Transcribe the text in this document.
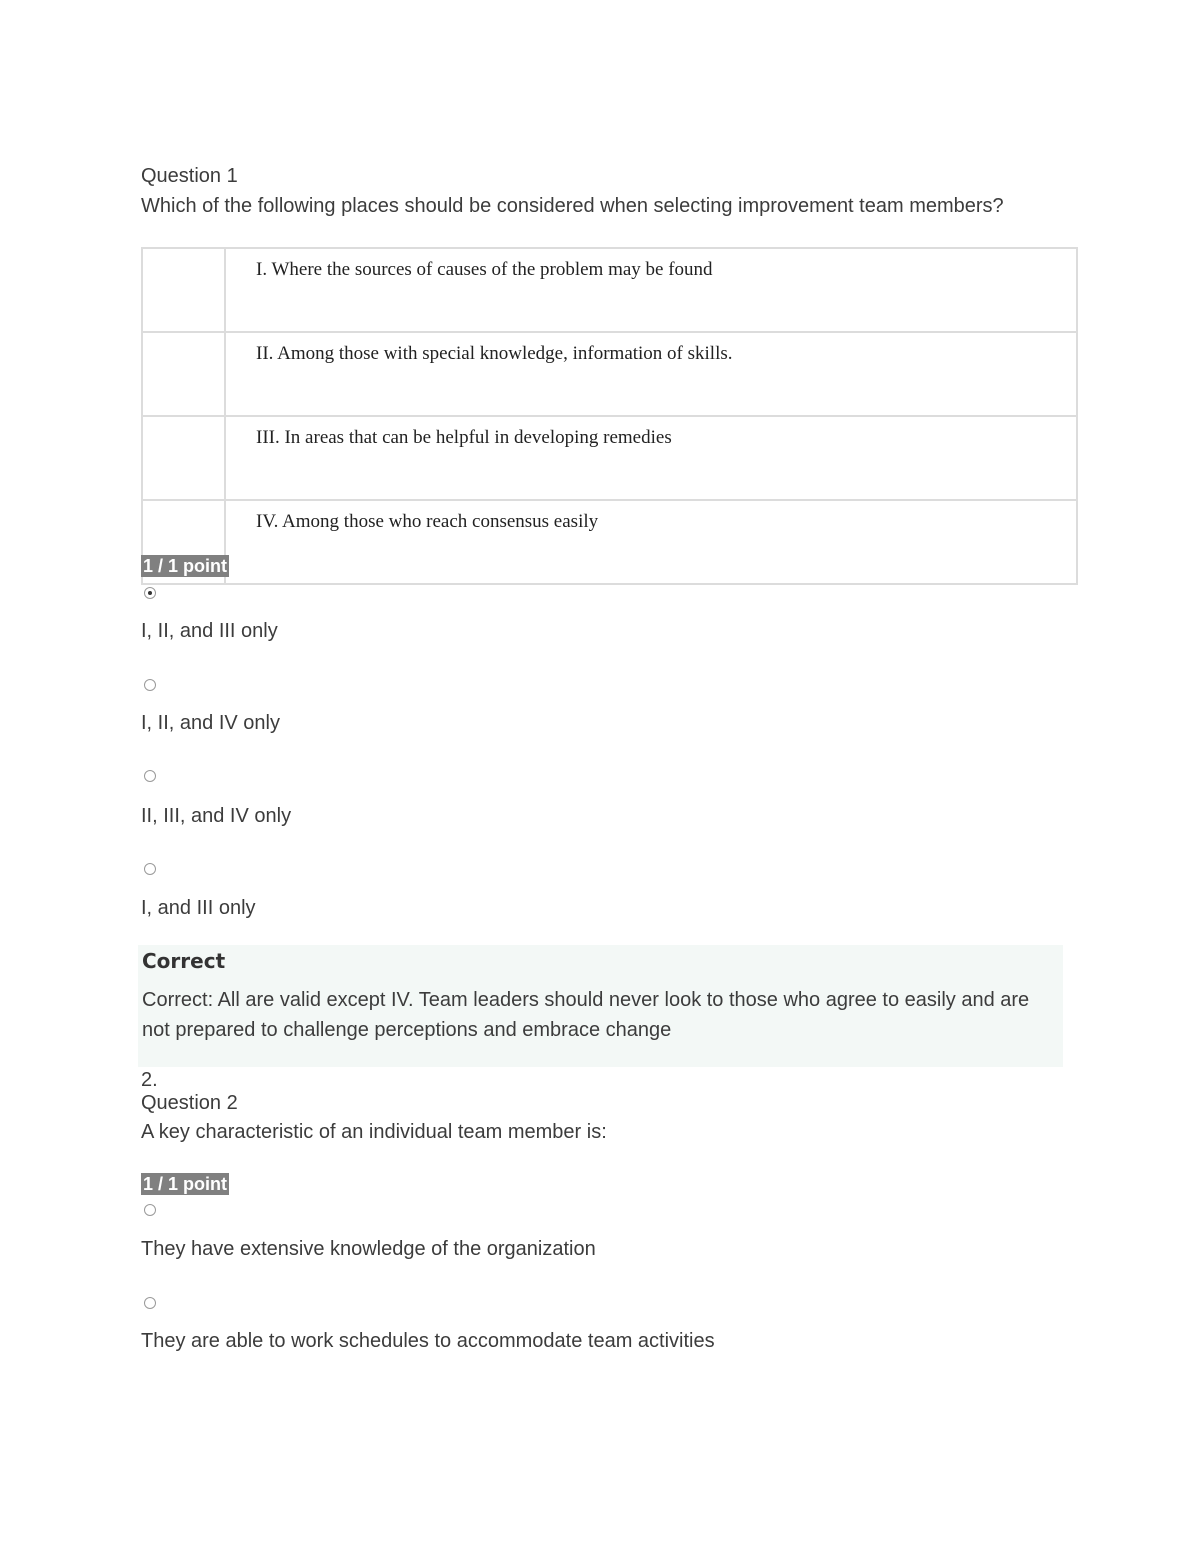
Question 1
Which of the following places should be considered when selecting improvement team members?
	I. Where the sources of causes of the problem may be found
	II. Among those with special knowledge, information of skills.
	III. In areas that can be helpful in developing remedies
	IV. Among those who reach consensus easily
1 / 1 point
I, II, and III only
I, II, and IV only
II, III, and IV only
I, and III only
Correct
Correct: All are valid except IV. Team leaders should never look to those who agree to easily and are not prepared to challenge perceptions and embrace change
2.
Question 2
A key characteristic of an individual team member is:
1 / 1 point
They have extensive knowledge of the organization
They are able to work schedules to accommodate team activities
